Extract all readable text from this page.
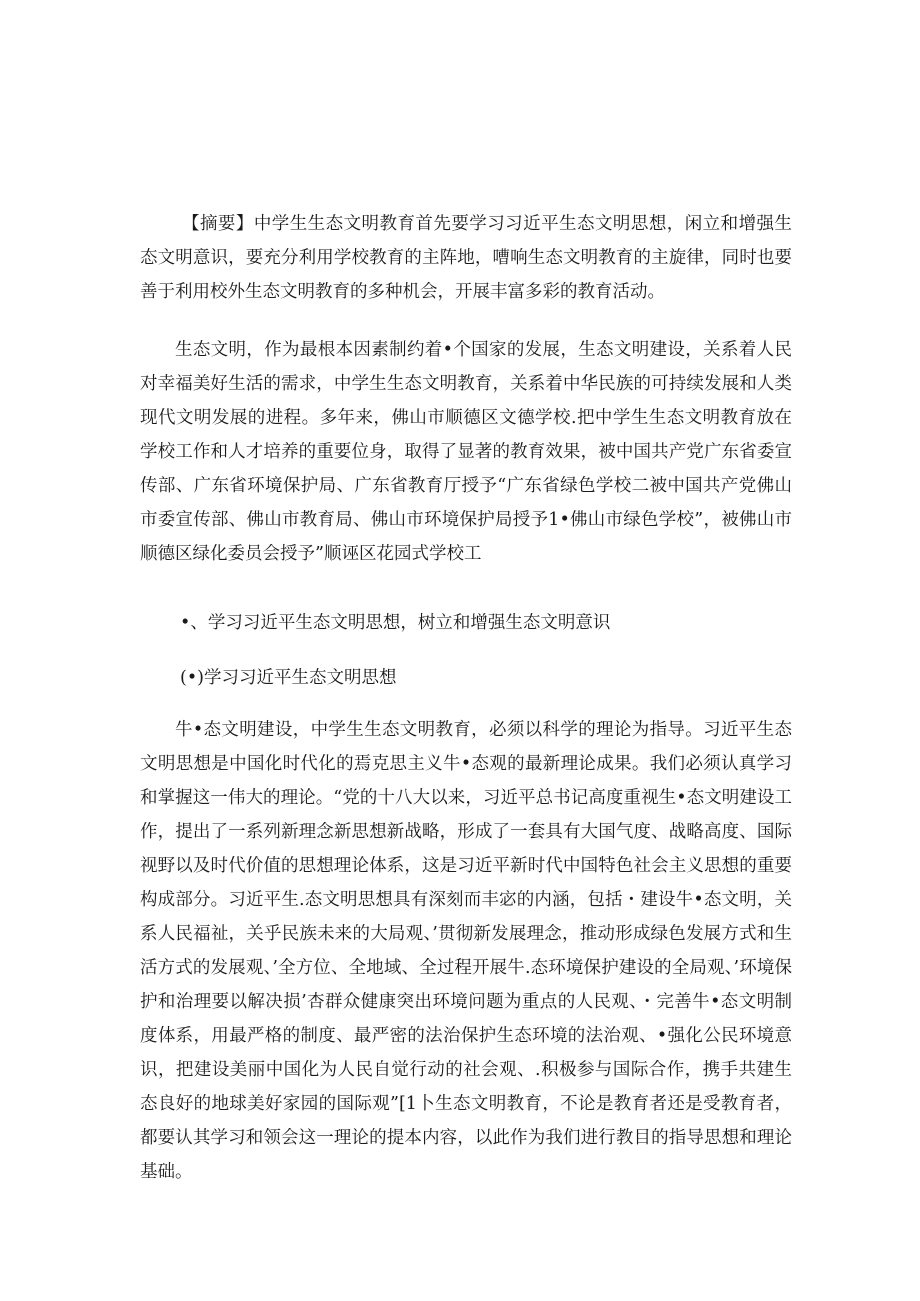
【摘要】中学生生态文明教育首先要学习习近平生态文明思想，闲立和增强生态文明意识，要充分利用学校教育的主阵地，嘈响生态文明教育的主旋律，同时也要善于利用校外生态文明教育的多种机会，开展丰富多彩的教育活动。

生态文明，作为最根本因素制约着•个国家的发展，生态文明建设，关系着人民对幸福美好生活的需求，中学生生态文明教育，关系着中华民族的可持续发展和人类现代文明发展的进程。多年来，佛山市顺德区文德学校.把中学生生态文明教育放在学校工作和人才培养的重要位身，取得了显著的教育效果，被中国共产党广东省委宣传部、广东省环境保护局、广东省教育厅授予“广东省绿色学校二被中国共产党佛山市委宣传部、佛山市教育局、佛山市环境保护局授予1•佛山市绿色学校”，被佛山市顺德区绿化委员会授予”顺诬区花园式学校工

•、学习习近平生态文明思想，树立和增强生态文明意识

(•)学习习近平生态文明思想

牛•态文明建设，中学生生态文明教育，必须以科学的理论为指导。习近平生态文明思想是中国化时代化的焉克思主义牛•态观的最新理论成果。我们必须认真学习和掌握这一伟大的理论。“党的十八大以来，习近平总书记高度重视生•态文明建设工作，提出了一系列新理念新思想新战略，形成了一套具有大国气度、战略高度、国际视野以及时代价值的思想理论体系，这是习近平新时代中国特色社会主义思想的重要构成部分。习近平生.态文明思想具有深刻而丰宓的内涵，包括・建设牛•态文明，关系人民福祉，关乎民族未来的大局观、’贯彻新发展理念，推动形成绿色发展方式和生活方式的发展观、’全方位、全地域、全过程开展牛.态环境保护建设的全局观、’环境保护和治理要以解决损’杏群众健康突出环境问题为重点的人民观、・完善牛•态文明制度体系，用最严格的制度、最严密的法治保护生态环境的法治观、•强化公民环境意识，把建设美丽中国化为人民自觉行动的社会观、.积极参与国际合作，携手共建生态良好的地球美好家园的国际观”[1卜生态文明教育，不论是教育者还是受教育者，都要认其学习和领会这一理论的提本内容，以此作为我们进行教目的指导思想和理论基础。
